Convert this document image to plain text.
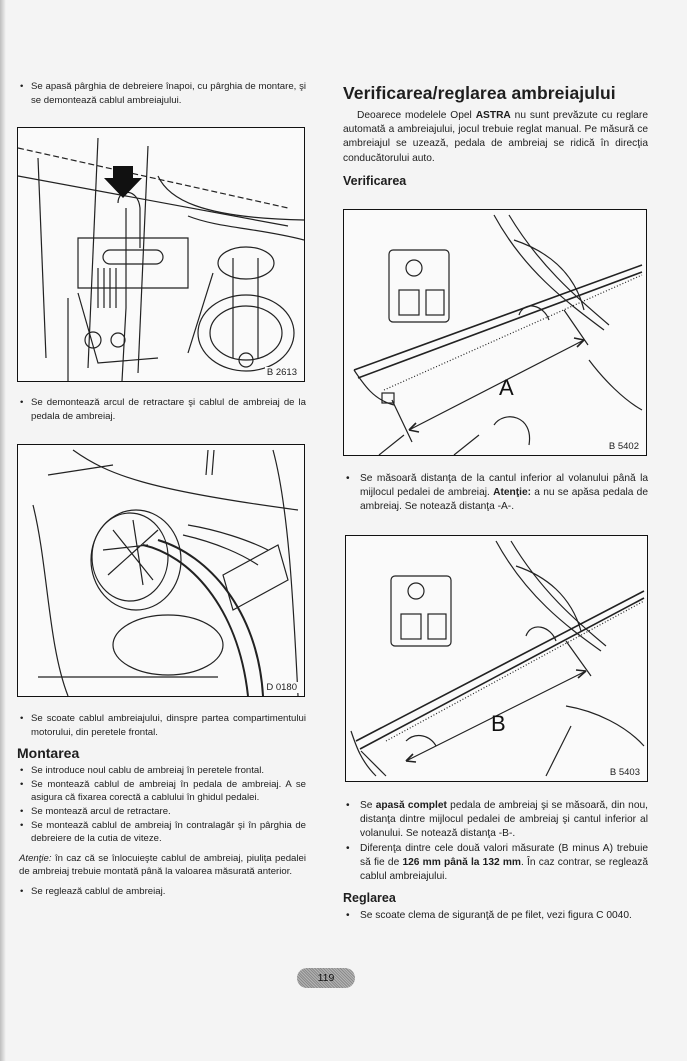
• Se apasă pârghia de debreiere înapoi, cu pârghia de montare, şi se demontează cablul ambreiajului.

B 2613

• Se demontează arcul de retractare şi cablul de ambreiaj de la pedala de ambreiaj.

D 0180

• Se scoate cablul ambreiajului, dinspre partea compartimentului motorului, din peretele frontal.

Montarea

• Se introduce noul cablu de ambreiaj în peretele frontal.

• Se montează cablul de ambreiaj în pedala de ambreiaj. A se asigura că fixarea corectă a cablului în ghidul pedalei.

• Se montează arcul de retractare.

• Se montează cablul de ambreiaj în contralagăr şi în pârghia de debreiere de la cutia de viteze.

Atenţie: în caz că se înlocuieşte cablul de ambreiaj, piuliţa pedalei de ambreiaj trebuie montată până la valoarea măsurată anterior.

• Se reglează cablul de ambreiaj.

Verificarea/reglarea ambreiajului

Deoarece modelele Opel ASTRA nu sunt prevăzute cu reglare automată a ambreiajului, jocul trebuie reglat manual. Pe măsură ce ambreiajul se uzează, pedala de ambreiaj se ridică în direcţia conducătorului auto.

Verificarea
A
B 5402

• Se măsoară distanţa de la cantul inferior al volanului până la mijlocul pedalei de ambreiaj. Atenţie: a nu se apăsa pedala de ambreiaj. Se notează distanţa -A-.

B
B 5403

• Se apasă complet pedala de ambreiaj şi se măsoară, din nou, distanţa dintre mijlocul pedalei de ambreiaj şi cantul inferior al volanului. Se notează distanţa -B-.

• Diferenţa dintre cele două valori măsurate (B minus A) trebuie să fie de 126 mm până la 132 mm. În caz contrar, se reglează cablul ambreiajului.

Reglarea

• Se scoate clema de siguranţă de pe filet, vezi figura C 0040.

119
